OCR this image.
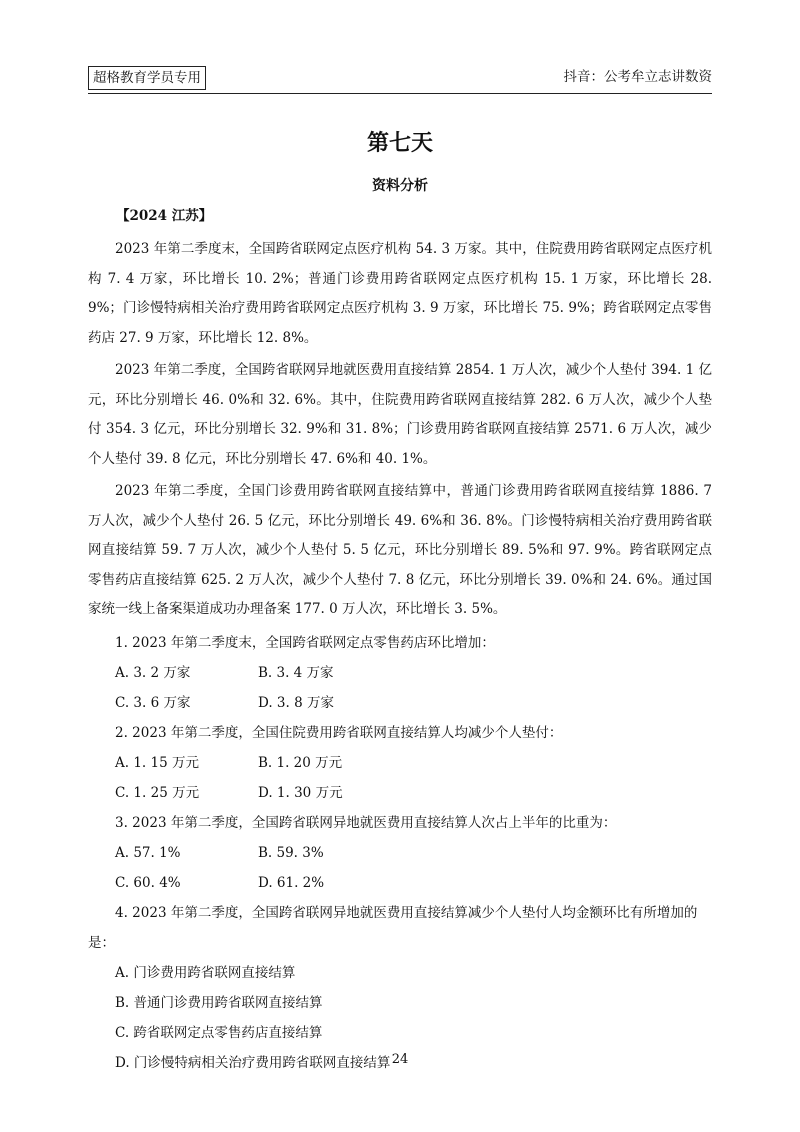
超格教育学员专用	抖音：公考牟立志讲数资
第七天
资料分析
【2024 江苏】

2023 年第二季度末，全国跨省联网定点医疗机构 54. 3 万家。其中，住院费用跨省联网定点医疗机构 7. 4 万家，环比增长 10. 2%；普通门诊费用跨省联网定点医疗机构 15. 1 万家，环比增长 28. 9%；门诊慢特病相关治疗费用跨省联网定点医疗机构 3. 9 万家，环比增长 75. 9%；跨省联网定点零售药店 27. 9 万家，环比增长 12. 8%。

2023 年第二季度，全国跨省联网异地就医费用直接结算 2854. 1 万人次，减少个人垫付 394. 1 亿元，环比分别增长 46. 0%和 32. 6%。其中，住院费用跨省联网直接结算 282. 6 万人次，减少个人垫付 354. 3 亿元，环比分别增长 32. 9%和 31. 8%；门诊费用跨省联网直接结算 2571. 6 万人次，减少个人垫付 39. 8 亿元，环比分别增长 47. 6%和 40. 1%。

2023 年第二季度，全国门诊费用跨省联网直接结算中，普通门诊费用跨省联网直接结算 1886. 7 万人次，减少个人垫付 26. 5 亿元，环比分别增长 49. 6%和 36. 8%。门诊慢特病相关治疗费用跨省联网直接结算 59. 7 万人次，减少个人垫付 5. 5 亿元，环比分别增长 89. 5%和 97. 9%。跨省联网定点零售药店直接结算 625. 2 万人次，减少个人垫付 7. 8 亿元，环比分别增长 39. 0%和 24. 6%。通过国家统一线上备案渠道成功办理备案 177. 0 万人次，环比增长 3. 5%。

1. 2023 年第二季度末，全国跨省联网定点零售药店环比增加：

A. 3. 2 万家	B. 3. 4 万家
C. 3. 6 万家	D. 3. 8 万家

2. 2023 年第二季度，全国住院费用跨省联网直接结算人均减少个人垫付：

A. 1. 15 万元	B. 1. 20 万元
C. 1. 25 万元	D. 1. 30 万元

3. 2023 年第二季度，全国跨省联网异地就医费用直接结算人次占上半年的比重为：

A. 57. 1%	B. 59. 3%
C. 60. 4%	D. 61. 2%

4. 2023 年第二季度，全国跨省联网异地就医费用直接结算减少个人垫付人均金额环比有所增加的是：

A. 门诊费用跨省联网直接结算
B. 普通门诊费用跨省联网直接结算
C. 跨省联网定点零售药店直接结算
D. 门诊慢特病相关治疗费用跨省联网直接结算 24
